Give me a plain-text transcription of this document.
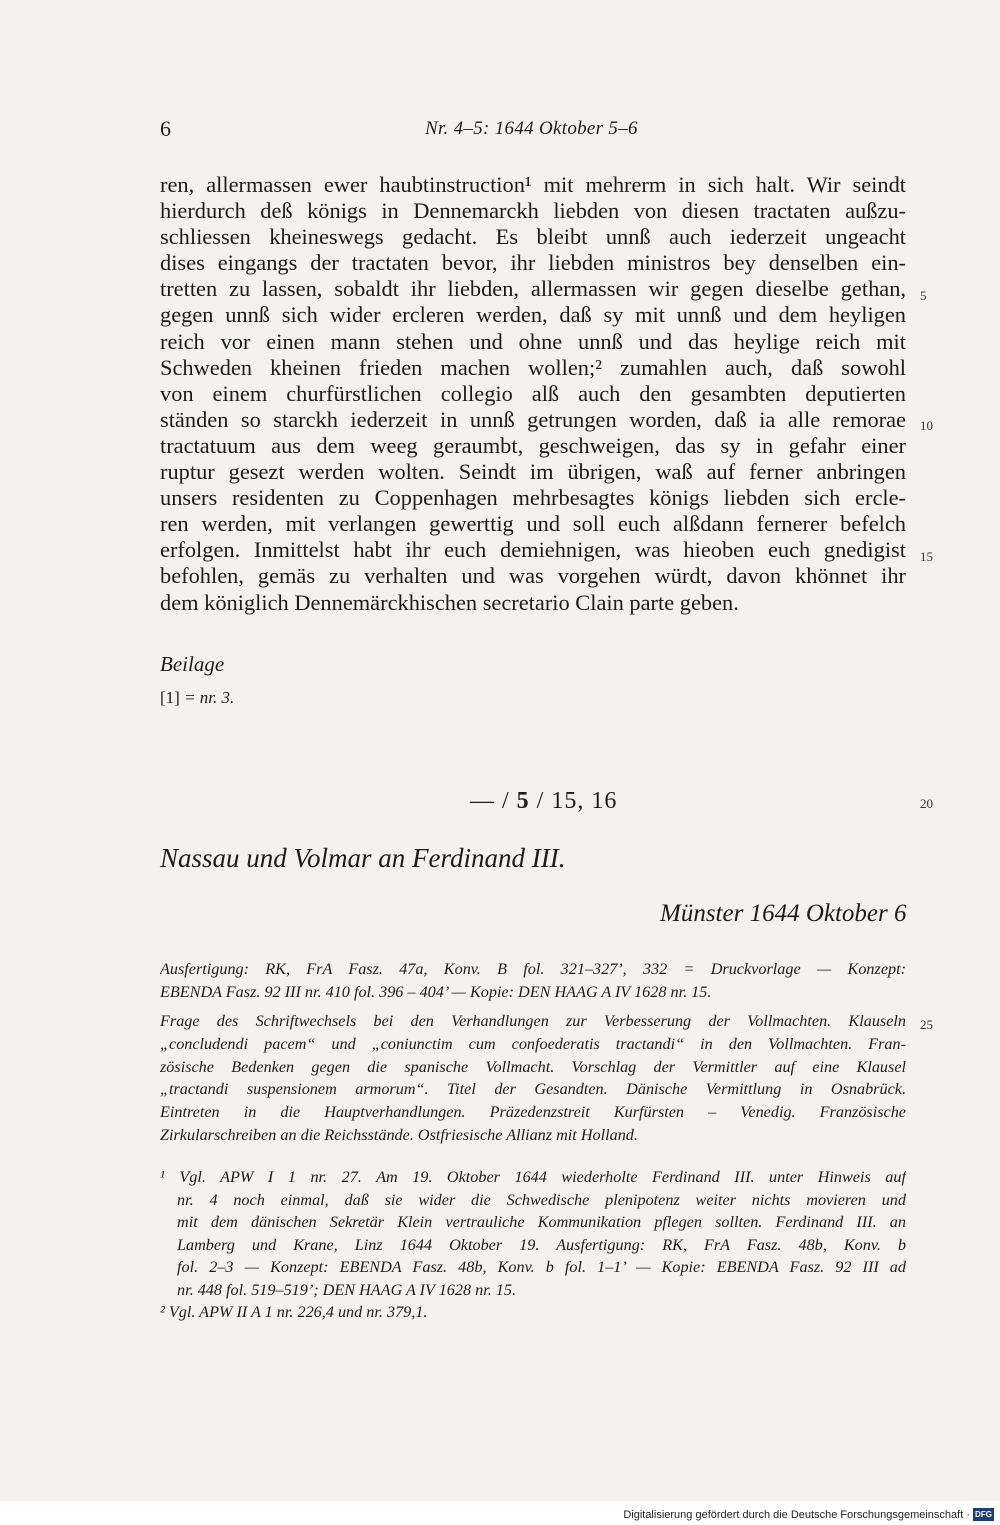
6	Nr. 4–5: 1644 Oktober 5–6
ren, allermassen ewer haubtinstruction¹ mit mehrerm in sich halt. Wir seindt
hierdurch deß königs in Dennemarckh liebden von diesen tractaten außzu-
schliessen kheineswegs gedacht. Es bleibt unnß auch iederzeit ungeacht
dises eingangs der tractaten bevor, ihr liebden ministros bey denselben ein-
tretten zu lassen, sobaldt ihr liebden, allermassen wir gegen dieselbe gethan,
gegen unnß sich wider ercleren werden, daß sy mit unnß und dem heyligen
reich vor einen mann stehen und ohne unnß und das heylige reich mit
Schweden kheinen frieden machen wollen;² zumahlen auch, daß sowohl
von einem churfürstlichen collegio alß auch den gesambten deputierten
ständen so starckh iederzeit in unnß getrungen worden, daß ia alle remorae
tractatuum aus dem weeg geraumbt, geschweigen, das sy in gefahr einer
ruptur gesezt werden wolten. Seindt im übrigen, waß auf ferner anbringen
unsers residenten zu Coppenhagen mehrbesagtes königs liebden sich ercle-
ren werden, mit verlangen gewerttig und soll euch alßdann fernerer befelch
erfolgen. Inmittelst habt ihr euch demiehnigen, was hieoben euch gnedigist
befohlen, gemäs zu verhalten und was vorgehen würdt, davon khönnet ihr
dem königlich Dennemärckhischen secretario Clain parte geben.
5
10
15
20
25
Beilage
[1] = nr. 3.
— / 5 / 15, 16
Nassau und Volmar an Ferdinand III.
Münster 1644 Oktober 6
Ausfertigung: RK, FrA Fasz. 47a, Konv. B fol. 321–327’, 332 = Druckvorlage — Konzept:
EBENDA Fasz. 92 III nr. 410 fol. 396 – 404’ — Kopie: DEN HAAG A IV 1628 nr. 15.
Frage des Schriftwechsels bei den Verhandlungen zur Verbesserung der Vollmachten. Klauseln
„concludendi pacem“ und „coniunctim cum confoederatis tractandi“ in den Vollmachten. Fran-
zösische Bedenken gegen die spanische Vollmacht. Vorschlag der Vermittler auf eine Klausel
„tractandi suspensionem armorum“. Titel der Gesandten. Dänische Vermittlung in Osnabrück.
Eintreten in die Hauptverhandlungen. Präzedenzstreit Kurfürsten – Venedig. Französische
Zirkularschreiben an die Reichsstände. Ostfriesische Allianz mit Holland.
¹ Vgl. APW I 1 nr. 27. Am 19. Oktober 1644 wiederholte Ferdinand III. unter Hinweis auf
nr. 4 noch einmal, daß sie wider die Schwedische plenipotenz weiter nichts movieren und
mit dem dänischen Sekretär Klein vertrauliche Kommunikation pflegen sollten. Ferdinand III. an
Lamberg und Krane, Linz 1644 Oktober 19. Ausfertigung: RK, FrA Fasz. 48b, Konv. b
fol. 2–3 — Konzept: EBENDA Fasz. 48b, Konv. b fol. 1–1’ — Kopie: EBENDA Fasz. 92 III ad
nr. 448 fol. 519–519’; DEN HAAG A IV 1628 nr. 15.
² Vgl. APW II A 1 nr. 226,4 und nr. 379,1.
Digitalisierung gefördert durch die Deutsche Forschungsgemeinschaft · DFG
